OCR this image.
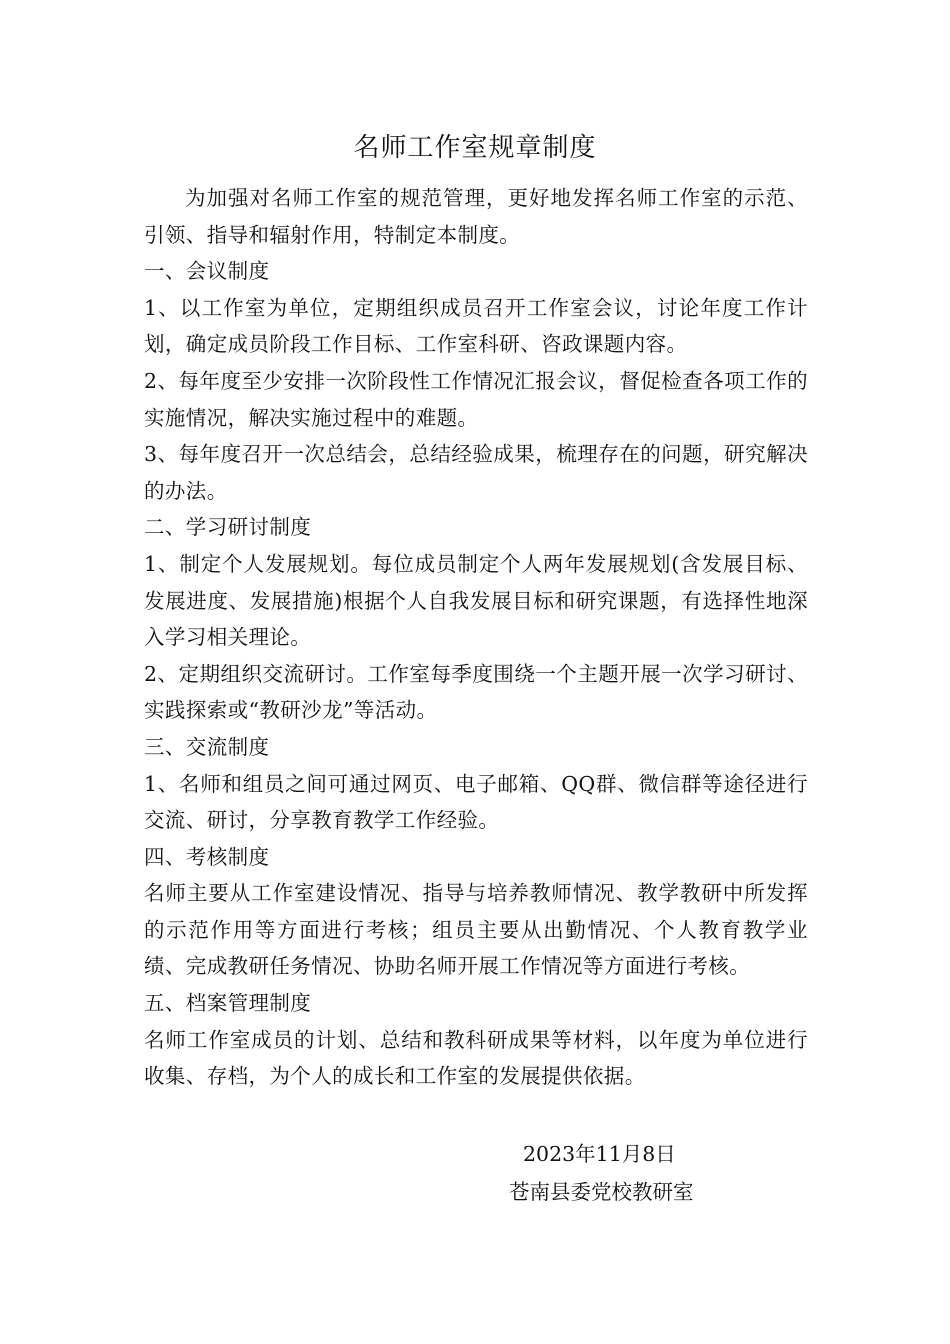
名师工作室规章制度

为加强对名师工作室的规范管理，更好地发挥名师工作室的示范、引领、指导和辐射作用，特制定本制度。

一、会议制度

1、以工作室为单位，定期组织成员召开工作室会议，讨论年度工作计划，确定成员阶段工作目标、工作室科研、咨政课题内容。

2、每年度至少安排一次阶段性工作情况汇报会议，督促检查各项工作的实施情况，解决实施过程中的难题。

3、每年度召开一次总结会，总结经验成果，梳理存在的问题，研究解决的办法。

二、学习研讨制度

1、制定个人发展规划。每位成员制定个人两年发展规划(含发展目标、发展进度、发展措施)根据个人自我发展目标和研究课题，有选择性地深入学习相关理论。

2、定期组织交流研讨。工作室每季度围绕一个主题开展一次学习研讨、实践探索或“教研沙龙”等活动。

三、交流制度

1、名师和组员之间可通过网页、电子邮箱、QQ群、微信群等途径进行交流、研讨，分享教育教学工作经验。

四、考核制度

名师主要从工作室建设情况、指导与培养教师情况、教学教研中所发挥的示范作用等方面进行考核；组员主要从出勤情况、个人教育教学业绩、完成教研任务情况、协助名师开展工作情况等方面进行考核。

五、档案管理制度

名师工作室成员的计划、总结和教科研成果等材料，以年度为单位进行收集、存档，为个人的成长和工作室的发展提供依据。

2023年11月8日
苍南县委党校教研室
